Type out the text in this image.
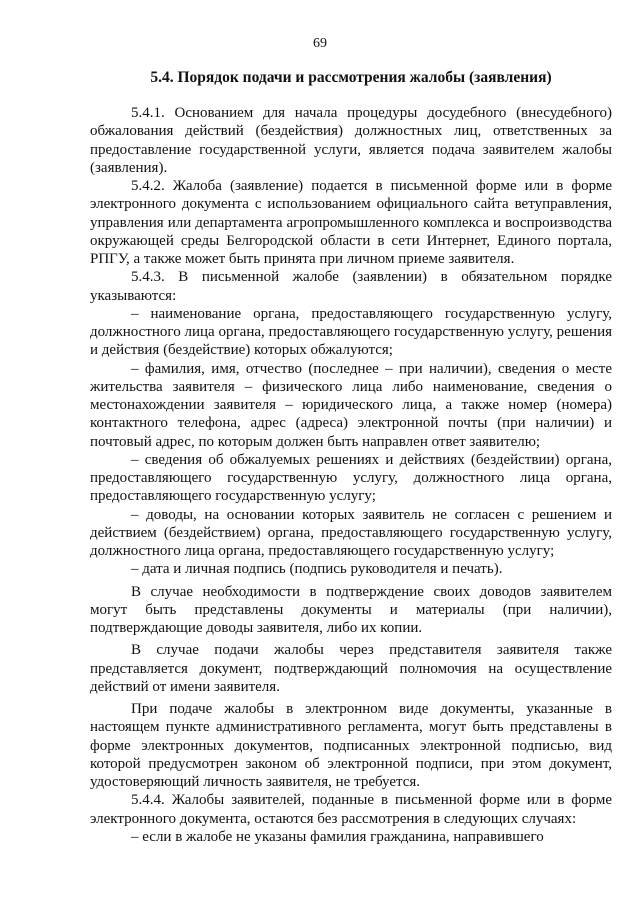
69
5.4. Порядок подачи и рассмотрения жалобы (заявления)

5.4.1. Основанием для начала процедуры досудебного (внесудебного) обжалования действий (бездействия) должностных лиц, ответственных за предоставление государственной услуги, является подача заявителем жалобы (заявления).

5.4.2. Жалоба (заявление) подается в письменной форме или в форме электронного документа с использованием официального сайта ветуправления, управления или департамента агропромышленного комплекса и воспроизводства окружающей среды Белгородской области в сети Интернет, Единого портала, РПГУ, а также может быть принята при личном приеме заявителя.

5.4.3. В письменной жалобе (заявлении) в обязательном порядке указываются:

– наименование органа, предоставляющего государственную услугу, должностного лица органа, предоставляющего государственную услугу, решения и действия (бездействие) которых обжалуются;

– фамилия, имя, отчество (последнее – при наличии), сведения о месте жительства заявителя – физического лица либо наименование, сведения о местонахождении заявителя – юридического лица, а также номер (номера) контактного телефона, адрес (адреса) электронной почты (при наличии) и почтовый адрес, по которым должен быть направлен ответ заявителю;

– сведения об обжалуемых решениях и действиях (бездействии) органа, предоставляющего государственную услугу, должностного лица органа, предоставляющего государственную услугу;

– доводы, на основании которых заявитель не согласен с решением и действием (бездействием) органа, предоставляющего государственную услугу, должностного лица органа, предоставляющего государственную услугу;

– дата и личная подпись (подпись руководителя и печать).

В случае необходимости в подтверждение своих доводов заявителем могут быть представлены документы и материалы (при наличии), подтверждающие доводы заявителя, либо их копии.

В случае подачи жалобы через представителя заявителя также представляется документ, подтверждающий полномочия на осуществление действий от имени заявителя.

При подаче жалобы в электронном виде документы, указанные в настоящем пункте административного регламента, могут быть представлены в форме электронных документов, подписанных электронной подписью, вид которой предусмотрен законом об электронной подписи, при этом документ, удостоверяющий личность заявителя, не требуется.

5.4.4. Жалобы заявителей, поданные в письменной форме или в форме электронного документа, остаются без рассмотрения в следующих случаях:

– если в жалобе не указаны фамилия гражданина, направившего
